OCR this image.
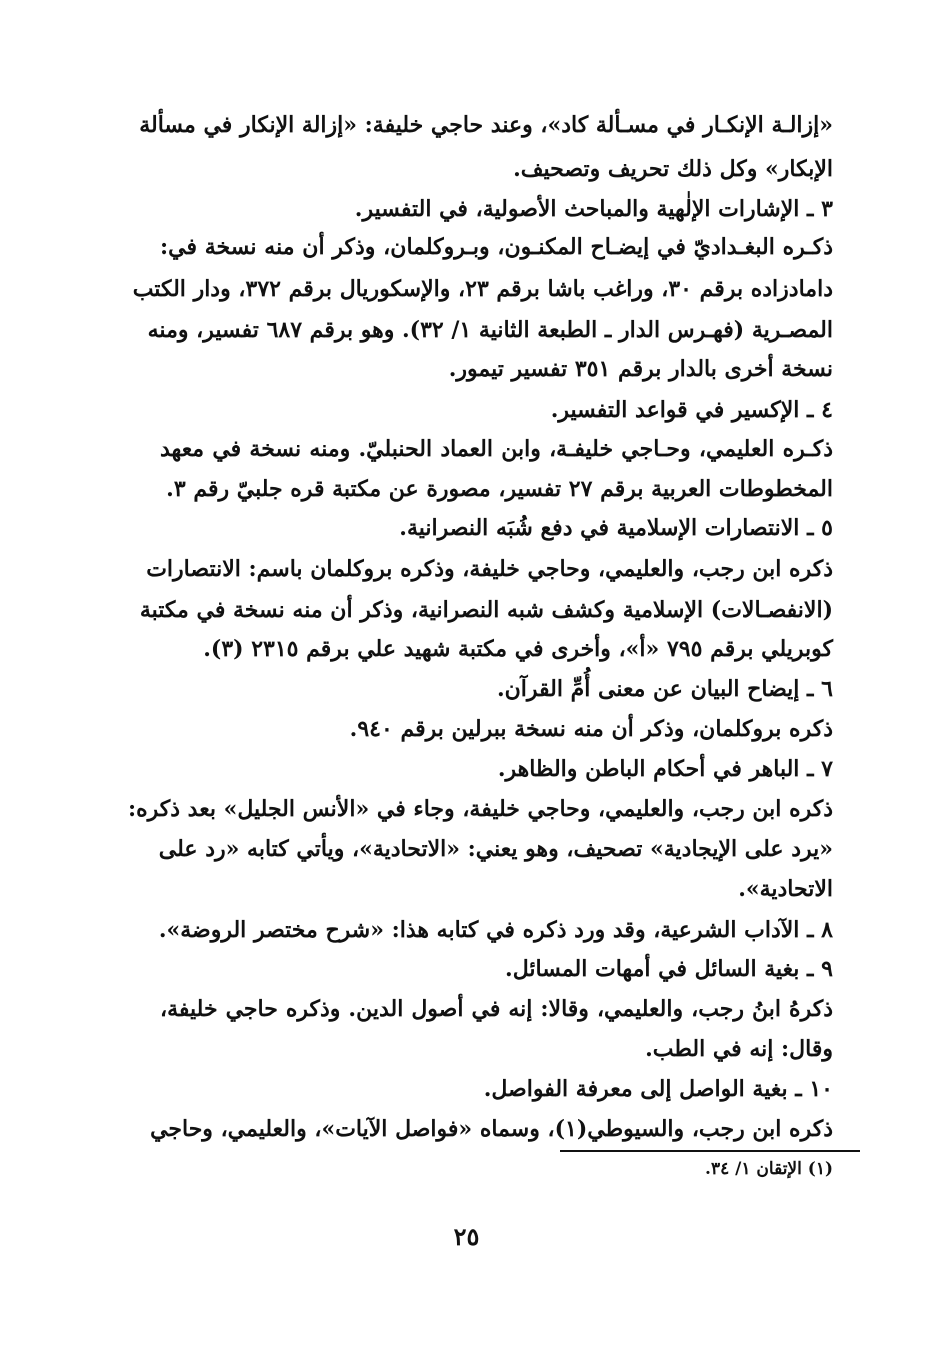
«إزالـة الإنكـار في مسـألة كاد»، وعند حاجي خليفة: «إزالة الإنكار في مسألة
الإبكار» وكل ذلك تحريف وتصحيف.
٣ ـ الإشارات الإلٰهية والمباحث الأصولية، في التفسير.
ذكـره البغـداديّ في إيضـاح المكنـون، وبـروكلمان، وذكر أن منه نسخة في:
دامادزاده برقم ٣٠، وراغب باشا برقم ٢٣، والإسكوريال برقم ٣٧٢، ودار الكتب
المصـرية (فهـرس الدار ـ الطبعة الثانية ١/ ٣٢). وهو برقم ٦٨٧ تفسير، ومنه
نسخة أخرى بالدار برقم ٣٥١ تفسير تيمور.
٤ ـ الإكسير في قواعد التفسير.
ذكـره العليمي، وحـاجي خليفـة، وابن العماد الحنبليّ. ومنه نسخة في معهد
المخطوطات العربية برقم ٢٧ تفسير، مصورة عن مكتبة قره جلبيّ رقم ٣.
٥ ـ الانتصارات الإسلامية في دفع شُبَه النصرانية.
ذكره ابن رجب، والعليمي، وحاجي خليفة، وذكره بروكلمان باسم: الانتصارات
(الانفصـالات) الإسلامية وكشف شبه النصرانية، وذكر أن منه نسخة في مكتبة
كوبريلي برقم ٧٩٥ «أ»، وأخرى في مكتبة شهيد علي برقم ٢٣١٥ (٣).
٦ ـ إيضاح البيان عن معنى أُمِّ القرآن.
ذكره بروكلمان، وذكر أن منه نسخة ببرلين برقم ٩٤٠.
٧ ـ الباهر في أحكام الباطن والظاهر.
ذكره ابن رجب، والعليمي، وحاجي خليفة، وجاء في «الأنس الجليل» بعد ذكره:
«يرد على الإيجادية» تصحيف، وهو يعني: «الاتحادية»، ويأتي كتابه «رد على
الاتحادية».
٨ ـ الآداب الشرعية، وقد ورد ذكره في كتابه هذا: «شرح مختصر الروضة».
٩ ـ بغية السائل في أمهات المسائل.
ذكرهُ ابنُ رجب، والعليمي، وقالا: إنه في أصول الدين. وذكره حاجي خليفة،
وقال: إنه في الطب.
١٠ ـ بغية الواصل إلى معرفة الفواصل.
ذكره ابن رجب، والسيوطي(١)، وسماه «فواصل الآيات»، والعليمي، وحاجي
(١) الإتقان ١/ ٣٤.
٢٥
